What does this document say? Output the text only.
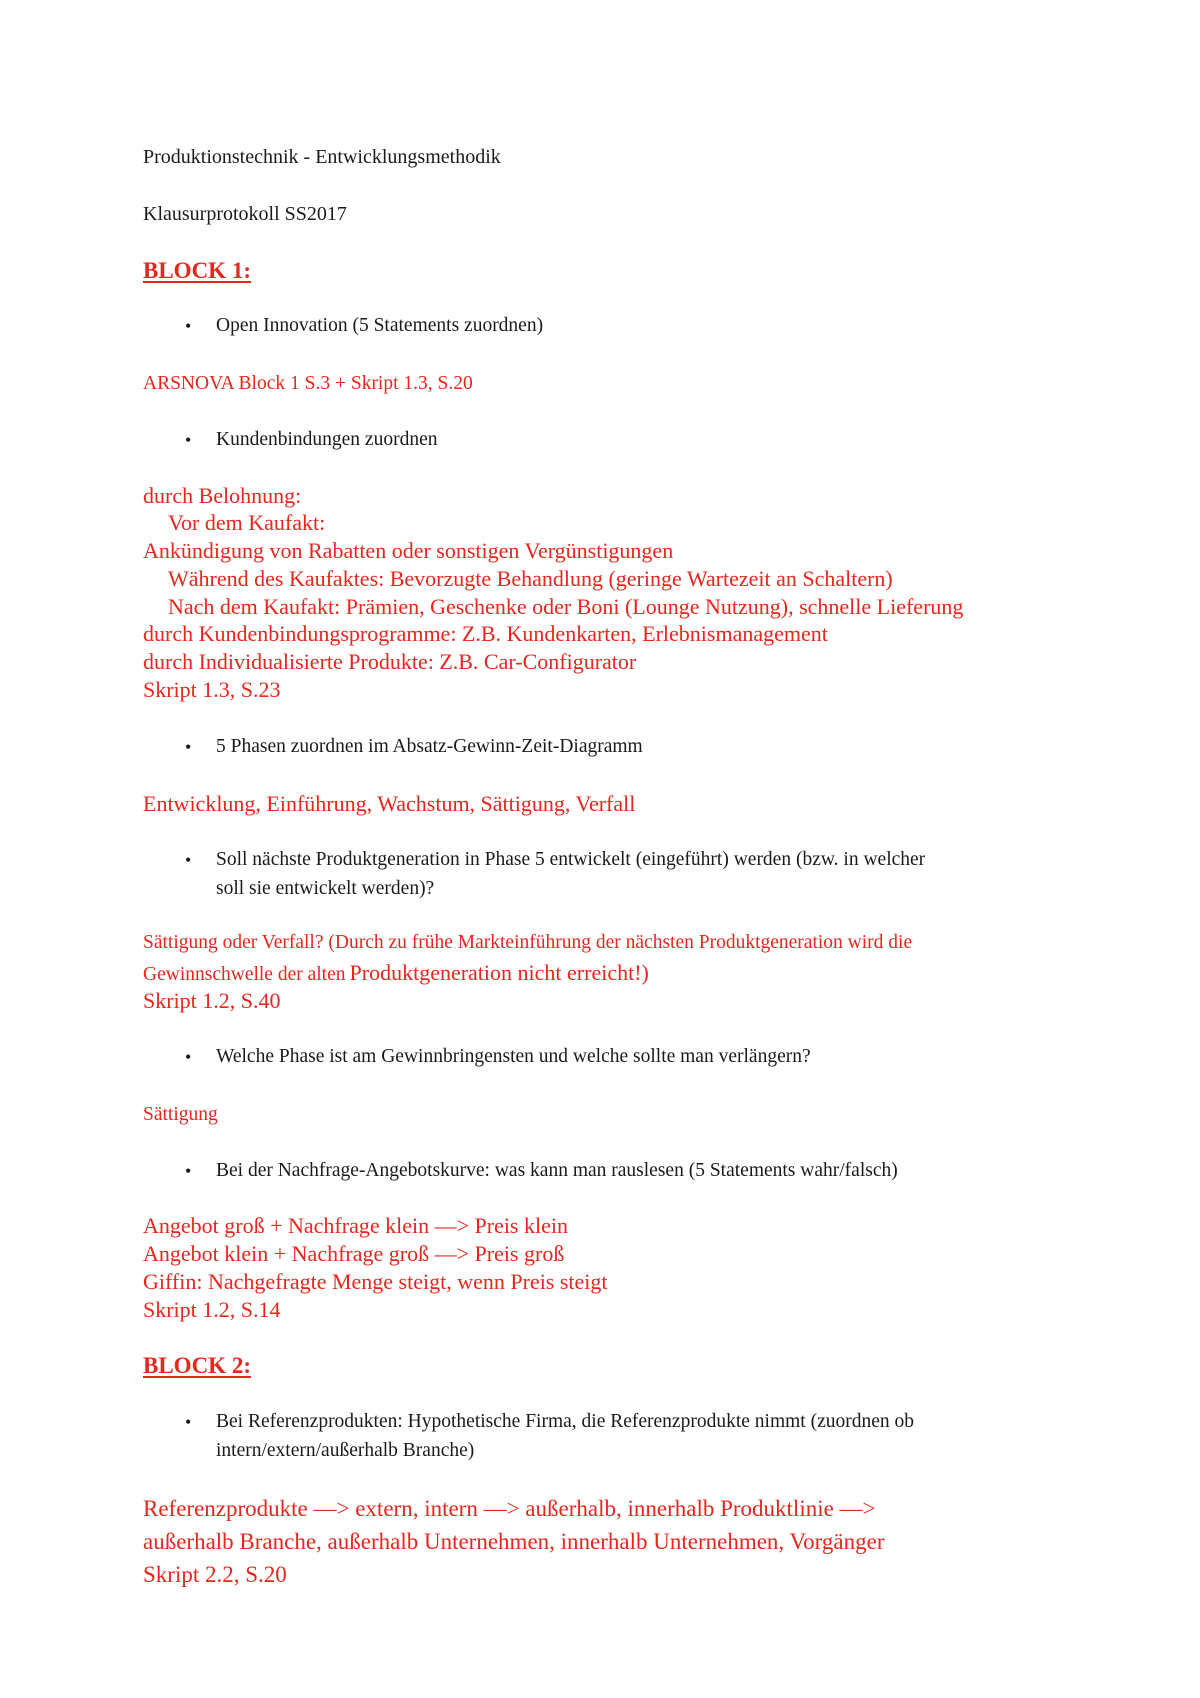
Produktionstechnik - Entwicklungsmethodik
Klausurprotokoll SS2017
BLOCK 1:
• Open Innovation (5 Statements zuordnen)
ARSNOVA Block 1 S.3 + Skript 1.3, S.20
• Kundenbindungen zuordnen
durch Belohnung:
Vor dem Kaufakt:
Ankündigung von Rabatten oder sonstigen Vergünstigungen
Während des Kaufaktes: Bevorzugte Behandlung (geringe Wartezeit an Schaltern)
Nach dem Kaufakt: Prämien, Geschenke oder Boni (Lounge Nutzung), schnelle Lieferung
durch Kundenbindungsprogramme: Z.B. Kundenkarten, Erlebnismanagement
durch Individualisierte Produkte: Z.B. Car-Configurator
Skript 1.3, S.23
• 5 Phasen zuordnen im Absatz-Gewinn-Zeit-Diagramm
Entwicklung, Einführung, Wachstum, Sättigung, Verfall
• Soll nächste Produktgeneration in Phase 5 entwickelt (eingeführt) werden (bzw. in welcher
soll sie entwickelt werden)?
Sättigung oder Verfall? (Durch zu frühe Markteinführung der nächsten Produktgeneration wird die
Gewinnschwelle der alten Produktgeneration nicht erreicht!)
Skript 1.2, S.40
• Welche Phase ist am Gewinnbringensten und welche sollte man verlängern?
Sättigung
• Bei der Nachfrage-Angebotskurve: was kann man rauslesen (5 Statements wahr/falsch)
Angebot groß + Nachfrage klein —> Preis klein
Angebot klein + Nachfrage groß —> Preis groß
Giffin: Nachgefragte Menge steigt, wenn Preis steigt
Skript 1.2, S.14
BLOCK 2:
• Bei Referenzprodukten: Hypothetische Firma, die Referenzprodukte nimmt (zuordnen ob
intern/extern/außerhalb Branche)
Referenzprodukte —> extern, intern —> außerhalb, innerhalb Produktlinie —>
außerhalb Branche, außerhalb Unternehmen, innerhalb Unternehmen, Vorgänger
Skript 2.2, S.20
